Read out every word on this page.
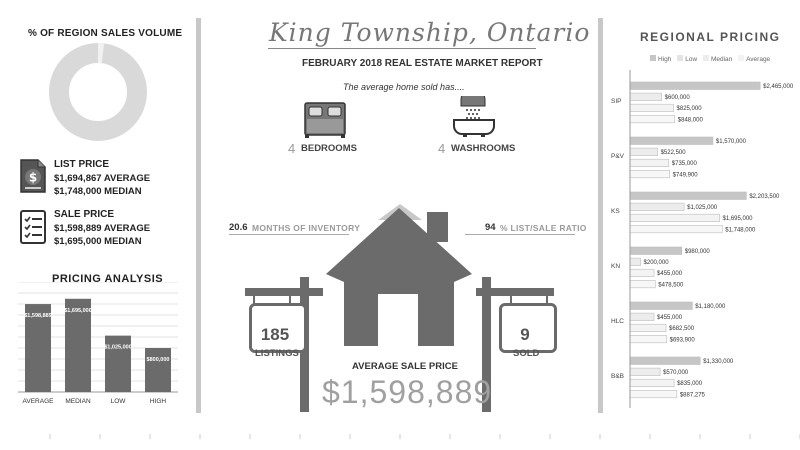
% OF REGION SALES VOLUME
$
LIST PRICE
$1,694,867 AVERAGE
$1,748,000 MEDIAN
SALE PRICE
$1,598,889 AVERAGE
$1,695,000 MEDIAN
PRICING ANALYSIS
$1,598,889
AVERAGE
$1,695,000
MEDIAN
$1,025,000
LOW
$800,000
HIGH
King Township, Ontario
FEBRUARY 2018 REAL ESTATE MARKET REPORT
The average home sold has....
4 BEDROOMS	4 WASHROOMS
20.6 MONTHS OF INVENTORY	94 % LIST/SALE RATIO
185
LISTINGS
9
SOLD
AVERAGE SALE PRICE
$1,598,889
REGIONAL PRICING
High Low Median Average
SIP
$2,465,000
$600,000
$825,000
$848,000
P&V
$1,570,000
$522,500
$735,000
$749,900
KS
$2,203,500
$1,025,000
$1,695,000
$1,748,000
KN
$980,000
$200,000
$455,000
$478,500
HLC
$1,180,000
$455,000
$682,500
$693,900
B&B
$1,330,000
$570,000
$835,000
$887,275
